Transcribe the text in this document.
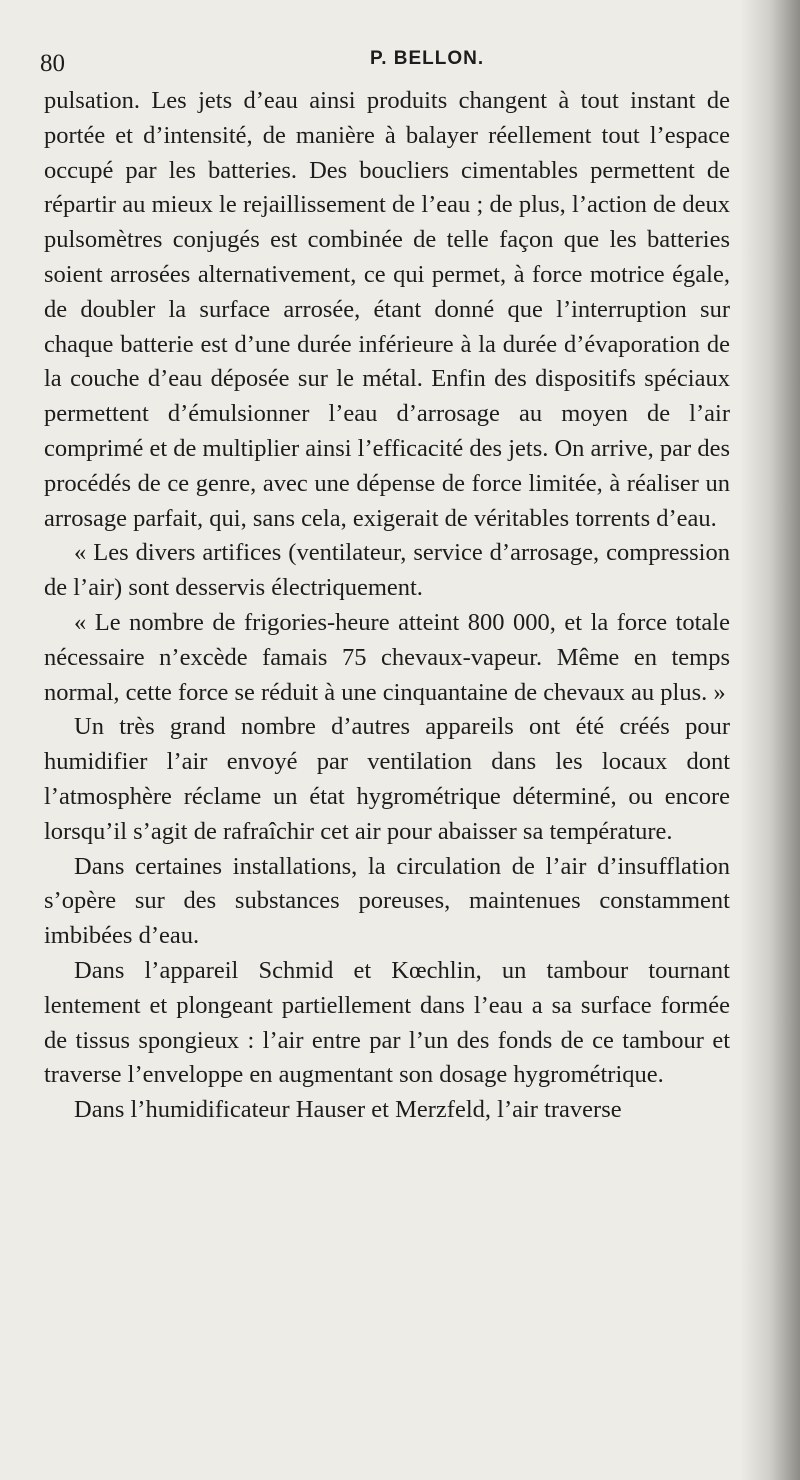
80	P. BELLON.

pulsation. Les jets d’eau ainsi produits changent à tout instant de portée et d’intensité, de manière à balayer réellement tout l’espace occupé par les batteries. Des boucliers cimentables permettent de répartir au mieux le rejaillissement de l’eau ; de plus, l’action de deux pulsomètres conjugés est combinée de telle façon que les batteries soient arrosées alternativement, ce qui permet, à force motrice égale, de doubler la surface arrosée, étant donné que l’interruption sur chaque batterie est d’une durée inférieure à la durée d’évaporation de la couche d’eau déposée sur le métal. Enfin des dispositifs spéciaux permettent d’émulsionner l’eau d’arrosage au moyen de l’air comprimé et de multiplier ainsi l’efficacité des jets. On arrive, par des procédés de ce genre, avec une dépense de force limitée, à réaliser un arrosage parfait, qui, sans cela, exigerait de véritables torrents d’eau.

« Les divers artifices (ventilateur, service d’arrosage, compression de l’air) sont desservis électriquement.

« Le nombre de frigories-heure atteint 800 000, et la force totale nécessaire n’excède famais 75 chevaux-vapeur. Même en temps normal, cette force se réduit à une cinquantaine de chevaux au plus. »

Un très grand nombre d’autres appareils ont été créés pour humidifier l’air envoyé par ventilation dans les locaux dont l’atmosphère réclame un état hygrométrique déterminé, ou encore lorsqu’il s’agit de rafraîchir cet air pour abaisser sa température.

Dans certaines installations, la circulation de l’air d’insufflation s’opère sur des substances poreuses, maintenues constamment imbibées d’eau.

Dans l’appareil Schmid et Kœchlin, un tambour tournant lentement et plongeant partiellement dans l’eau a sa surface formée de tissus spongieux : l’air entre par l’un des fonds de ce tambour et traverse l’enveloppe en augmentant son dosage hygrométrique.

Dans l’humidificateur Hauser et Merzfeld, l’air traverse
